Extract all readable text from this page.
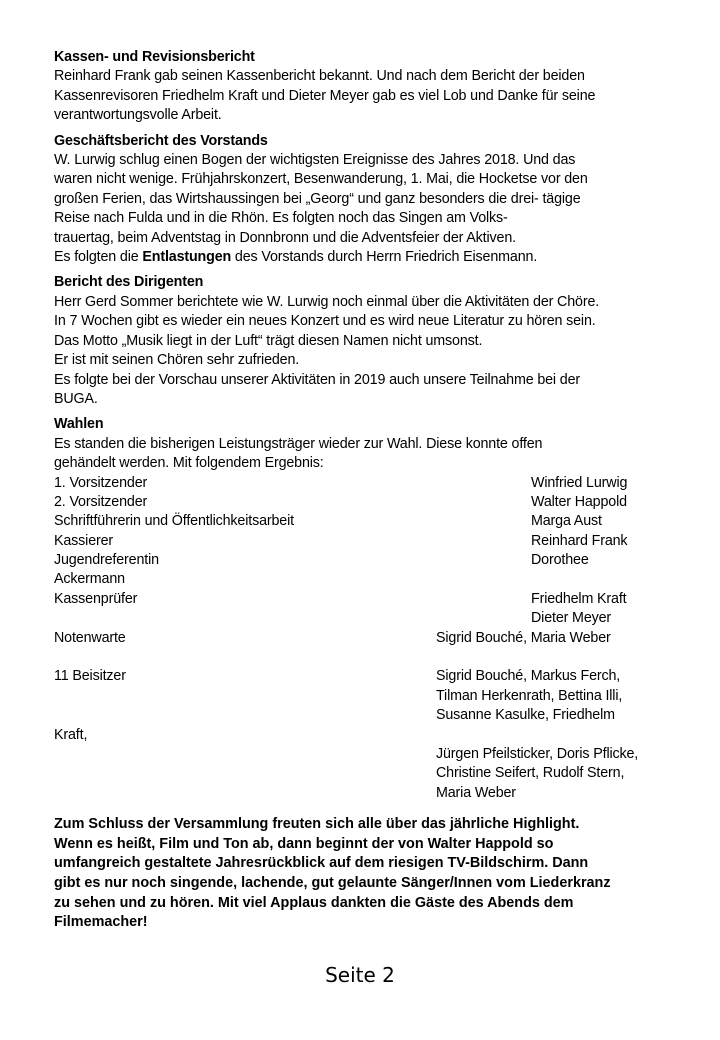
Kassen- und Revisionsbericht

Reinhard Frank gab seinen Kassenbericht bekannt. Und nach dem Bericht der beiden

Kassenrevisoren Friedhelm Kraft und Dieter Meyer gab es viel Lob und Danke für seine

verantwortungsvolle Arbeit.

Geschäftsbericht des Vorstands

W. Lurwig schlug einen Bogen der wichtigsten Ereignisse des Jahres 2018. Und das

waren nicht wenige. Frühjahrskonzert, Besenwanderung, 1. Mai, die Hocketse vor den

großen Ferien, das Wirtshaussingen bei „Georg“ und ganz besonders die drei- tägige

Reise nach Fulda und in die Rhön. Es folgten noch das Singen am Volks-

trauertag, beim Adventstag in Donnbronn und die Adventsfeier der Aktiven.

Es folgten die Entlastungen des Vorstands durch Herrn Friedrich Eisenmann.

Bericht des Dirigenten

Herr Gerd Sommer berichtete wie W. Lurwig noch einmal über die Aktivitäten der Chöre.

In 7 Wochen gibt es wieder ein neues Konzert und es wird neue Literatur zu hören sein.

Das Motto „Musik liegt in der Luft“ trägt diesen Namen nicht umsonst.

Er ist mit seinen Chören sehr zufrieden.

Es folgte bei der Vorschau unserer Aktivitäten in 2019 auch unsere Teilnahme bei der

BUGA.

Wahlen

Es standen die bisherigen Leistungsträger wieder zur Wahl. Diese konnte offen

gehändelt werden. Mit folgendem Ergebnis:

1. Vorsitzender	Winfried Lurwig
2. Vorsitzender	Walter Happold
Schriftführerin und Öffentlichkeitsarbeit	Marga Aust
Kassierer	Reinhard Frank
Jugendreferentin	Dorothee
Ackermann
Kassenprüfer	Friedhelm Kraft
Dieter Meyer
Notenwarte	Sigrid Bouché, Maria Weber
11 Beisitzer	Sigrid Bouché, Markus Ferch,
Tilman Herkenrath, Bettina Illi,
Susanne Kasulke, Friedhelm
Kraft,
Jürgen Pfeilsticker, Doris Pflicke,
Christine Seifert, Rudolf Stern,
Maria Weber

Zum Schluss der Versammlung freuten sich alle über das jährliche Highlight.

Wenn es heißt, Film und Ton ab, dann beginnt der von Walter Happold so

umfangreich gestaltete Jahresrückblick auf dem riesigen TV-Bildschirm. Dann

gibt es nur noch singende, lachende, gut gelaunte Sänger/Innen vom Liederkranz

zu sehen und zu hören. Mit viel Applaus dankten die Gäste des Abends dem

Filmemacher!

Seite 2
